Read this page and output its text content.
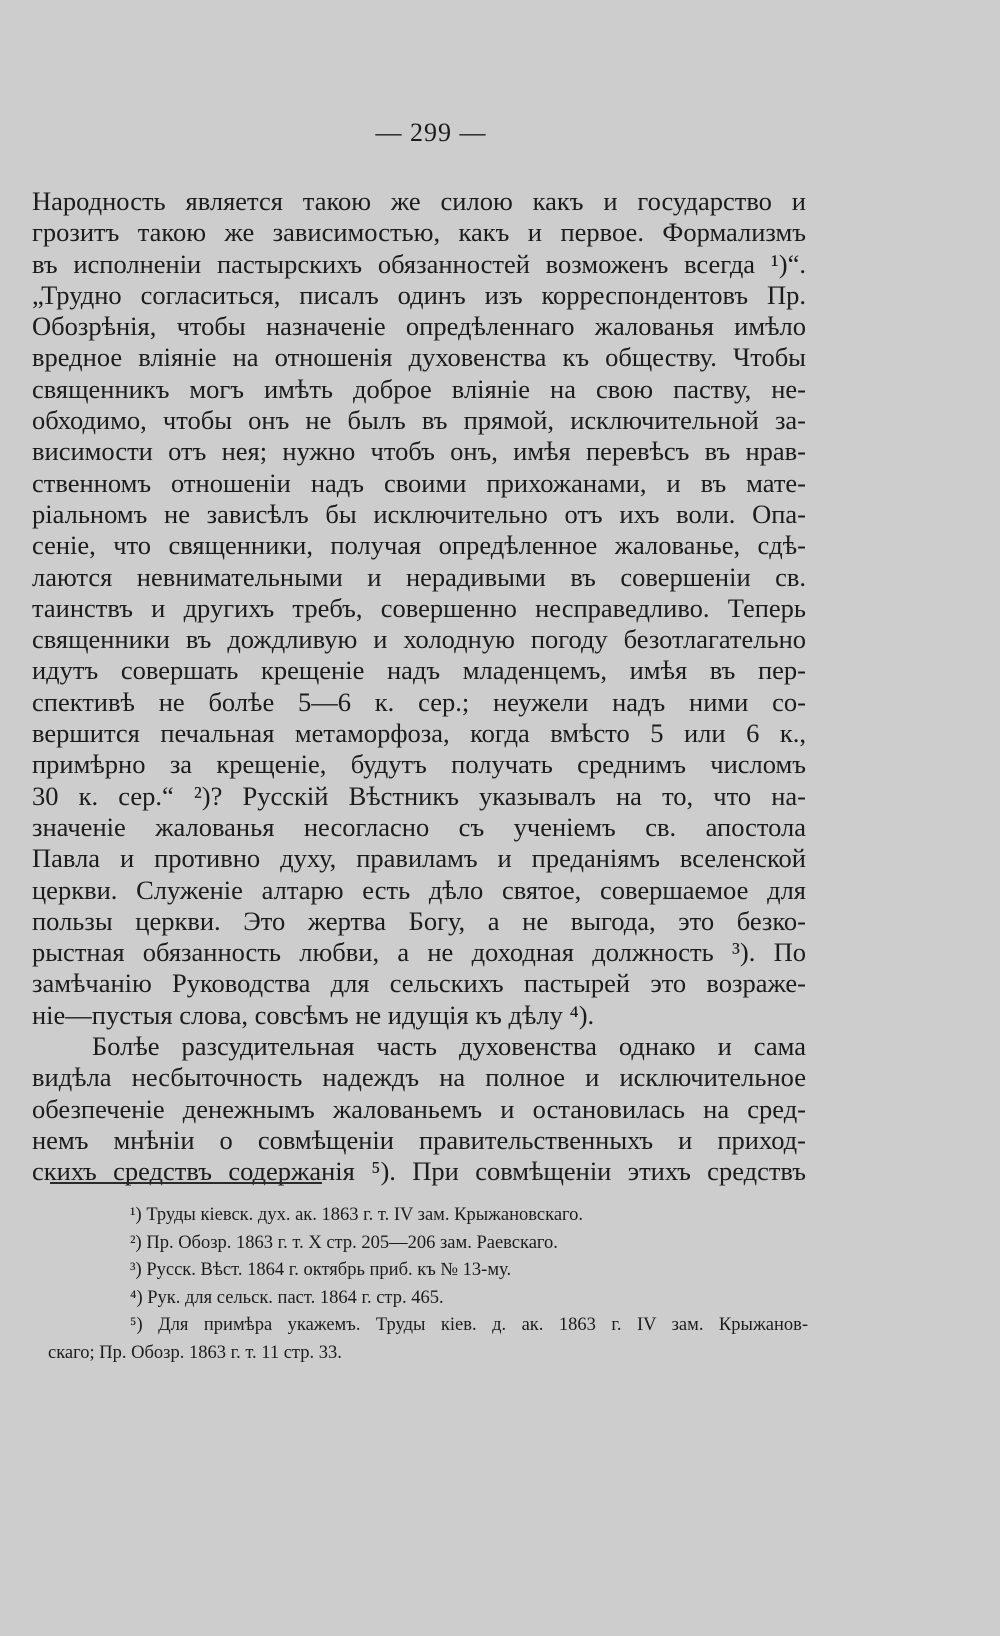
— 299 —
Народность является такою же силою какъ и государство и
грозитъ такою же зависимостью, какъ и первое. Формализмъ
въ исполненіи пастырскихъ обязанностей возможенъ всегда ¹)“.
„Трудно согласиться, писалъ одинъ изъ корреспондентовъ Пр.
Обозрѣнія, чтобы назначеніе опредѣленнаго жалованья имѣло
вредное вліяніе на отношенія духовенства къ обществу. Чтобы
священникъ могъ имѣть доброе вліяніе на свою паству, не-
обходимо, чтобы онъ не былъ въ прямой, исключительной за-
висимости отъ нея; нужно чтобъ онъ, имѣя перевѣсъ въ нрав-
ственномъ отношеніи надъ своими прихожанами, и въ мате-
ріальномъ не зависѣлъ бы исключительно отъ ихъ воли. Опа-
сеніе, что священники, получая опредѣленное жалованье, сдѣ-
лаются невнимательными и нерадивыми въ совершеніи св.
таинствъ и другихъ требъ, совершенно несправедливо. Теперь
священники въ дождливую и холодную погоду безотлагательно
идутъ совершать крещеніе надъ младенцемъ, имѣя въ пер-
спективѣ не болѣе 5—6 к. сер.; неужели надъ ними со-
вершится печальная метаморфоза, когда вмѣсто 5 или 6 к.,
примѣрно за крещеніе, будутъ получать среднимъ числомъ
30 к. сер.“ ²)? Русскій Вѣстникъ указывалъ на то, что на-
значеніе жалованья несогласно съ ученіемъ св. апостола
Павла и противно духу, правиламъ и преданіямъ вселенской
церкви. Служеніе алтарю есть дѣло святое, совершаемое для
пользы церкви. Это жертва Богу, а не выгода, это безко-
рыстная обязанность любви, а не доходная должность ³). По
замѣчанію Руководства для сельскихъ пастырей это возраже-
ніе—пустыя слова, совсѣмъ не идущія къ дѣлу ⁴).
Болѣе разсудительная часть духовенства однако и сама
видѣла несбыточность надеждъ на полное и исключительное
обезпеченіе денежнымъ жалованьемъ и остановилась на сред-
немъ мнѣніи о совмѣщеніи правительственныхъ и приход-
скихъ средствъ содержанія ⁵). При совмѣщеніи этихъ средствъ
¹) Труды кіевск. дух. ак. 1863 г. т. IV зам. Крыжановскаго.
²) Пр. Обозр. 1863 г. т. X стр. 205—206 зам. Раевскаго.
³) Русск. Вѣст. 1864 г. октябрь приб. къ № 13-му.
⁴) Рук. для сельск. паст. 1864 г. стр. 465.
⁵) Для примѣра укажемъ. Труды кіев. д. ак. 1863 г. IV зам. Крыжанов-
скаго; Пр. Обозр. 1863 г. т. 11 стр. 33.
